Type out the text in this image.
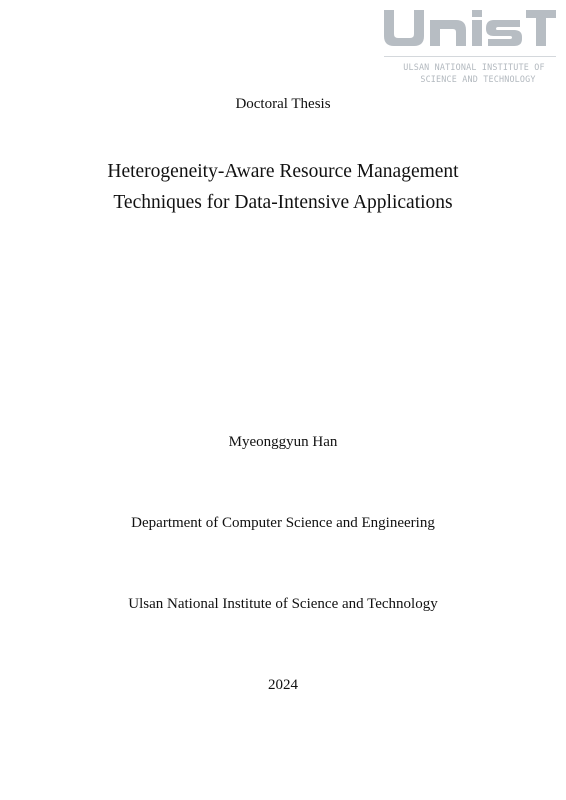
ULSAN NATIONAL INSTITUTE OF
SCIENCE AND TECHNOLOGY
Doctoral Thesis
Heterogeneity-Aware Resource Management
Techniques for Data-Intensive Applications
Myeonggyun Han
Department of Computer Science and Engineering
Ulsan National Institute of Science and Technology
2024
